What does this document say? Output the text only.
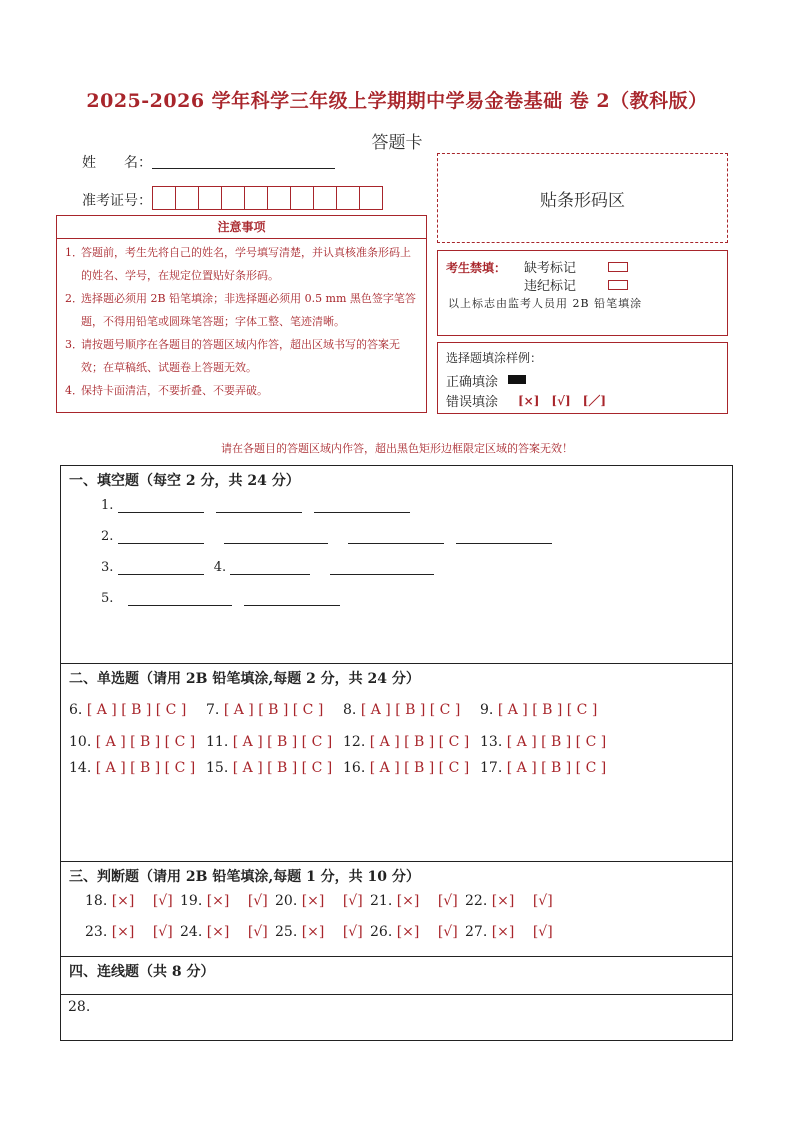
2025-2026 学年科学三年级上学期期中学易金卷基础 卷 2（教科版）
答题卡
姓　　名：
准考证号：	贴条形码区
注意事项
1．
答题前，考生先将自己的姓名，学号填写清楚，并认真核准条形码上的姓名、学号，在规定位置贴好条形码。
2．
选择题必须用 2B 铅笔填涂；非选择题必须用 0.5 mm 黑色签字笔答题，不得用铅笔或圆珠笔答题；字体工整、笔迹清晰。
3．
请按题号顺序在各题目的答题区域内作答，超出区域书写的答案无效；在草稿纸、试题卷上答题无效。
4．
保持卡面清洁，不要折叠、不要弄破。
考生禁填： 缺考标记
违纪标记
以上标志由监考人员用 2B 铅笔填涂
选择题填涂样例：
正确填涂
错误填涂 [×]　[√]　[／]
请在各题目的答题区域内作答，超出黑色矩形边框限定区域的答案无效！
一、填空题（每空 2 分，共 24 分）
1.
2.
3.	4.
5.
二、单选题（请用 2B 铅笔填涂,每题 2 分，共 24 分）
6. [ A ] [ B ] [ C ] 7. [ A ] [ B ] [ C ] 8. [ A ] [ B ] [ C ] 9. [ A ] [ B ] [ C ]
10. [ A ] [ B ] [ C ] 11. [ A ] [ B ] [ C ] 12. [ A ] [ B ] [ C ] 13. [ A ] [ B ] [ C ]
14. [ A ] [ B ] [ C ] 15. [ A ] [ B ] [ C ] 16. [ A ] [ B ] [ C ] 17. [ A ] [ B ] [ C ]
三、判断题（请用 2B 铅笔填涂,每题 1 分，共 10 分）
18. [×]　 [√] 19. [×]　 [√] 20. [×]　 [√] 21. [×]　 [√] 22. [×]　 [√]
23. [×]　 [√] 24. [×]　 [√] 25. [×]　 [√] 26. [×]　 [√] 27. [×]　 [√]
四、连线题（共 8 分）
28.
